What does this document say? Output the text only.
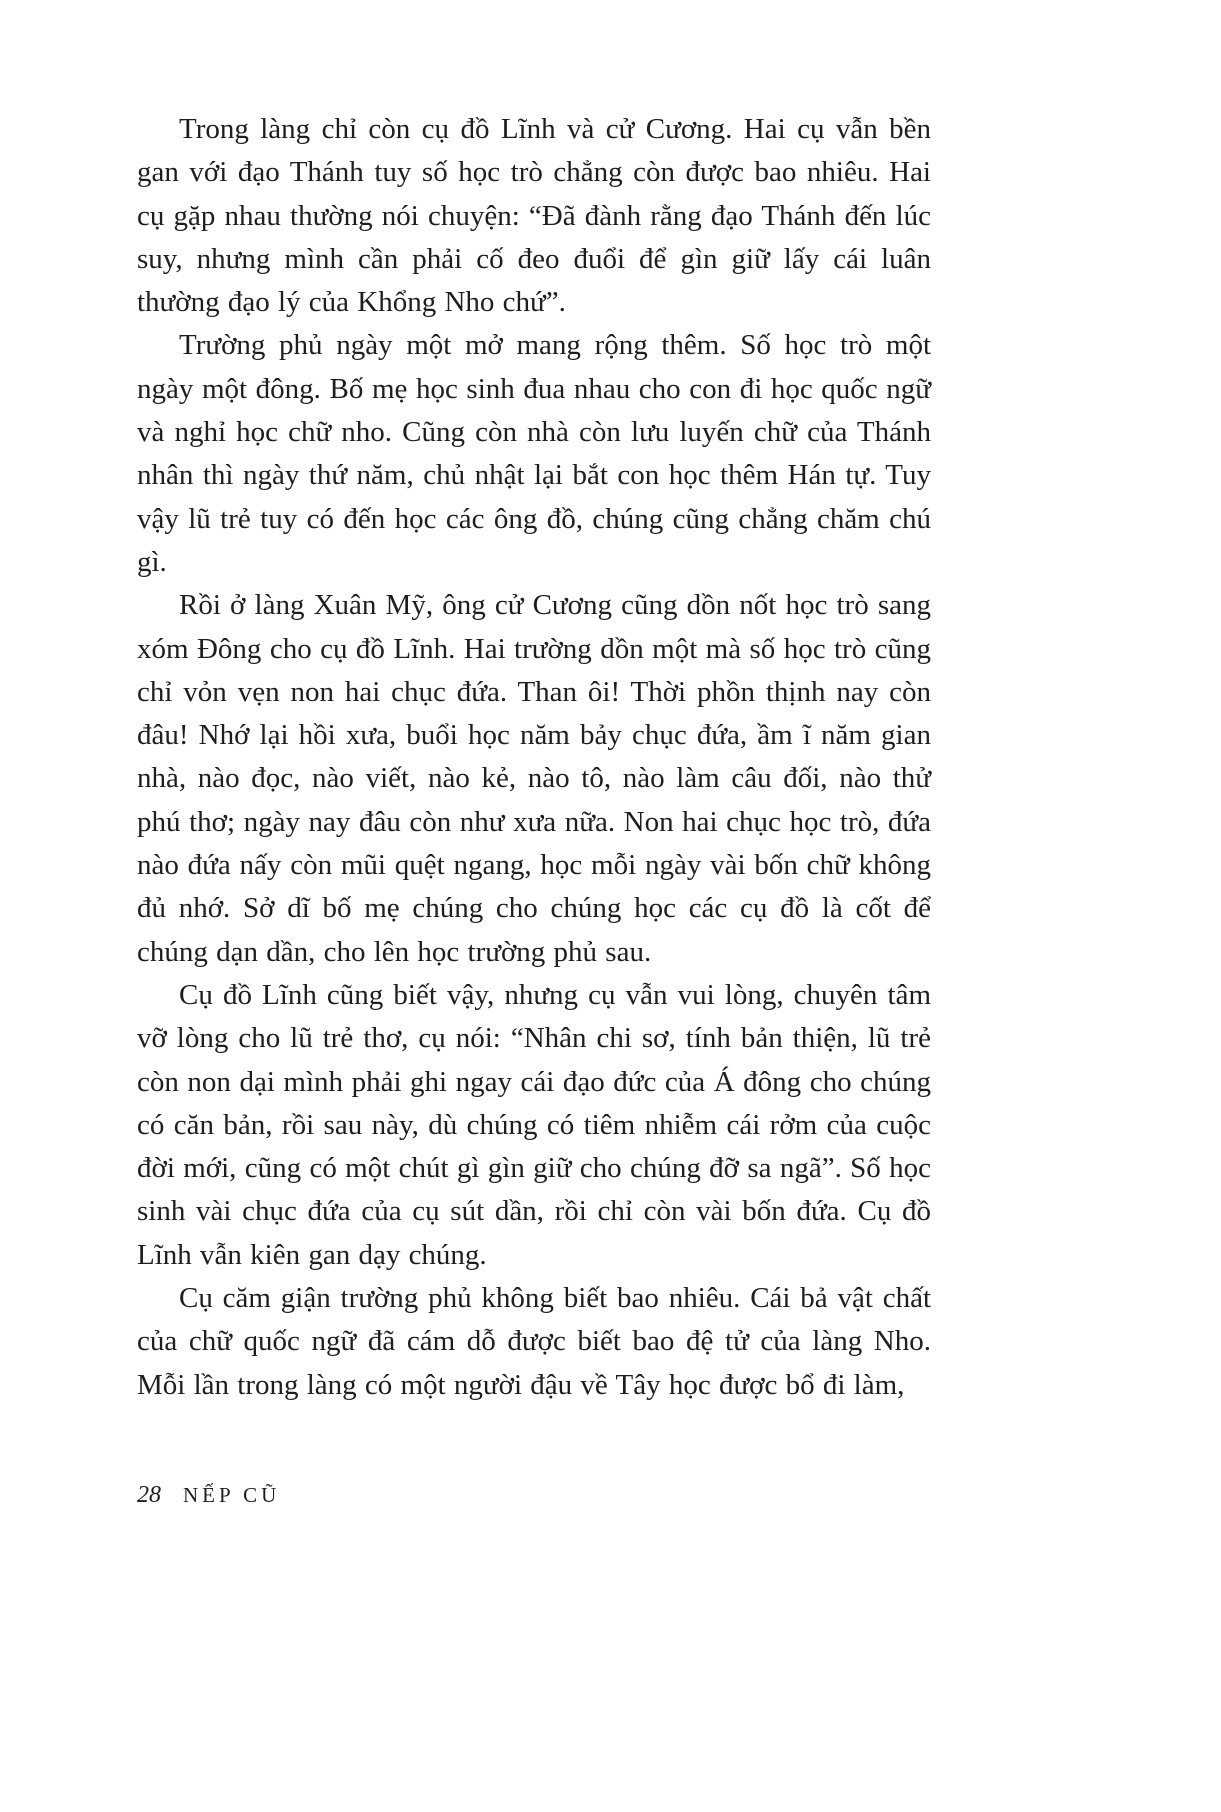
Trong làng chỉ còn cụ đồ Lĩnh và cử Cương. Hai cụ vẫn bền gan với đạo Thánh tuy số học trò chẳng còn được bao nhiêu. Hai cụ gặp nhau thường nói chuyện: “Đã đành rằng đạo Thánh đến lúc suy, nhưng mình cần phải cố đeo đuổi để gìn giữ lấy cái luân thường đạo lý của Khổng Nho chứ”.

Trường phủ ngày một mở mang rộng thêm. Số học trò một ngày một đông. Bố mẹ học sinh đua nhau cho con đi học quốc ngữ và nghỉ học chữ nho. Cũng còn nhà còn lưu luyến chữ của Thánh nhân thì ngày thứ năm, chủ nhật lại bắt con học thêm Hán tự. Tuy vậy lũ trẻ tuy có đến học các ông đồ, chúng cũng chẳng chăm chú gì.

Rồi ở làng Xuân Mỹ, ông cử Cương cũng dồn nốt học trò sang xóm Đông cho cụ đồ Lĩnh. Hai trường dồn một mà số học trò cũng chỉ vỏn vẹn non hai chục đứa. Than ôi! Thời phồn thịnh nay còn đâu! Nhớ lại hồi xưa, buổi học năm bảy chục đứa, ầm ĩ năm gian nhà, nào đọc, nào viết, nào kẻ, nào tô, nào làm câu đối, nào thử phú thơ; ngày nay đâu còn như xưa nữa. Non hai chục học trò, đứa nào đứa nấy còn mũi quệt ngang, học mỗi ngày vài bốn chữ không đủ nhớ. Sở dĩ bố mẹ chúng cho chúng học các cụ đồ là cốt để chúng dạn dần, cho lên học trường phủ sau.

Cụ đồ Lĩnh cũng biết vậy, nhưng cụ vẫn vui lòng, chuyên tâm vỡ lòng cho lũ trẻ thơ, cụ nói: “Nhân chi sơ, tính bản thiện, lũ trẻ còn non dại mình phải ghi ngay cái đạo đức của Á đông cho chúng có căn bản, rồi sau này, dù chúng có tiêm nhiễm cái rởm của cuộc đời mới, cũng có một chút gì gìn giữ cho chúng đỡ sa ngã”. Số học sinh vài chục đứa của cụ sút dần, rồi chỉ còn vài bốn đứa. Cụ đồ Lĩnh vẫn kiên gan dạy chúng.

Cụ căm giận trường phủ không biết bao nhiêu. Cái bả vật chất của chữ quốc ngữ đã cám dỗ được biết bao đệ tử của làng Nho. Mỗi lần trong làng có một người đậu về Tây học được bổ đi làm,

28 NẾP CŨ
